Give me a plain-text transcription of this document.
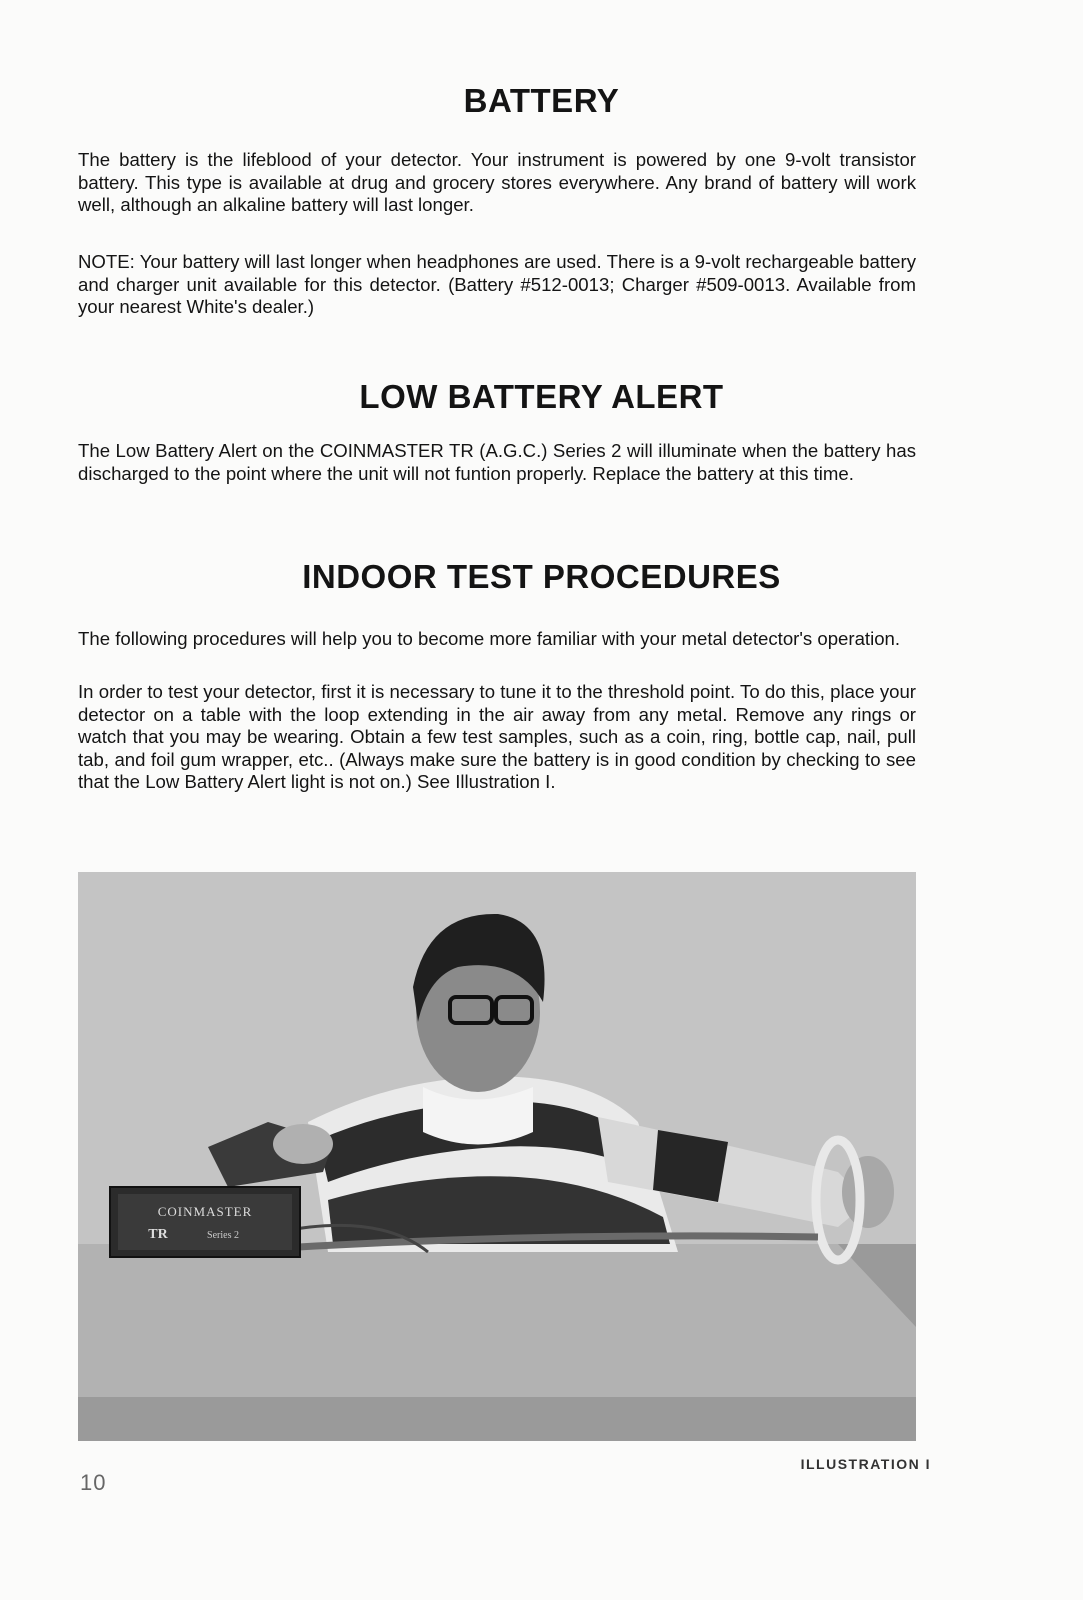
BATTERY

The battery is the lifeblood of your detector. Your instrument is powered by one 9-volt transistor battery. This type is available at drug and grocery stores everywhere. Any brand of battery will work well, although an alkaline battery will last longer.

NOTE: Your battery will last longer when headphones are used. There is a 9-volt rechargeable battery and charger unit available for this detector. (Battery #512-0013; Charger #509-0013. Available from your nearest White's dealer.)

LOW BATTERY ALERT

The Low Battery Alert on the COINMASTER TR (A.G.C.) Series 2 will illuminate when the battery has discharged to the point where the unit will not funtion properly. Replace the battery at this time.

INDOOR TEST PROCEDURES

The following procedures will help you to become more familiar with your metal detector's operation.

In order to test your detector, first it is necessary to tune it to the threshold point. To do this, place your detector on a table with the loop extending in the air away from any metal. Remove any rings or watch that you may be wearing. Obtain a few test samples, such as a coin, ring, bottle cap, nail, pull tab, and foil gum wrapper, etc.. (Always make sure the battery is in good condition by checking to see that the Low Battery Alert light is not on.) See Illustration I.

COINMASTER
TR	Series 2
ILLUSTRATION I
10
